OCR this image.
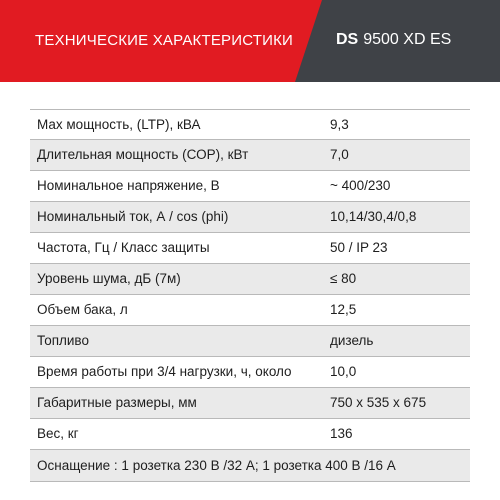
ТЕХНИЧЕСКИЕ ХАРАКТЕРИСТИКИ	DS 9500 XD ES
Мах мощность, (LTP), кВА	9,3
Длительная мощность (СОР), кВт	7,0
Номинальное напряжение, В	~ 400/230
Номинальный ток, А / cos (phi)	10,14/30,4/0,8
Частота, Гц / Класс защиты	50 / IP 23
Уровень шума, дБ (7м)	≤ 80
Объем бака, л	12,5
Топливо	дизель
Время работы при 3/4 нагрузки, ч, около	10,0
Габаритные размеры, мм	750 х 535 х 675
Вес, кг	136
Оснащение : 1 розетка 230 В /32 А; 1 розетка 400 В /16 А
